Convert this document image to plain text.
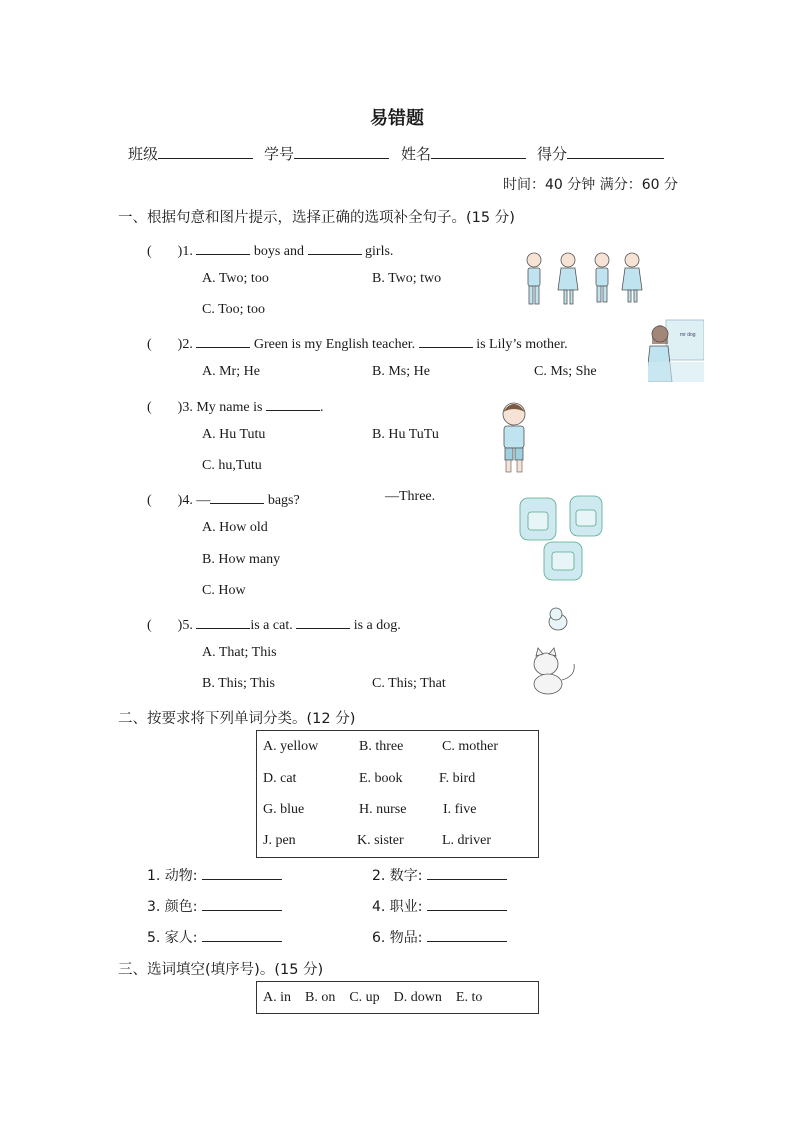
易错题
班级	学号	姓名	得分
时间：40 分钟 满分：60 分
一、根据句意和图片提示，选择正确的选项补全句子。(15 分)
( )1.	boys and	girls.
A. Two; too	B. Two; two
C. Too; too
( )2.	Green is my English teacher.	is Lily’s mother.
A. Mr; He	B. Ms; He	C. Ms; She
( )3. My name is	.
A. Hu Tutu	B. Hu TuTu
C. hu,Tutu
( )4. —	bags?	—Three.
A. How old
B. How many
C. How
( )5.	is a cat.	is a dog.
A. That; This
B. This; This	C. This; That
mr dog
二、按要求将下列单词分类。(12 分)
A. yellow	B. three	C. mother
D. cat	E. book	F. bird
G. blue	H. nurse	I. five
J. pen	K. sister	L. driver
1. 动物:	2. 数字:
3. 颜色:	4. 职业:
5. 家人:	6. 物品:
三、选词填空(填序号)。(15 分)
A. in    B. on    C. up    D. down    E. to
